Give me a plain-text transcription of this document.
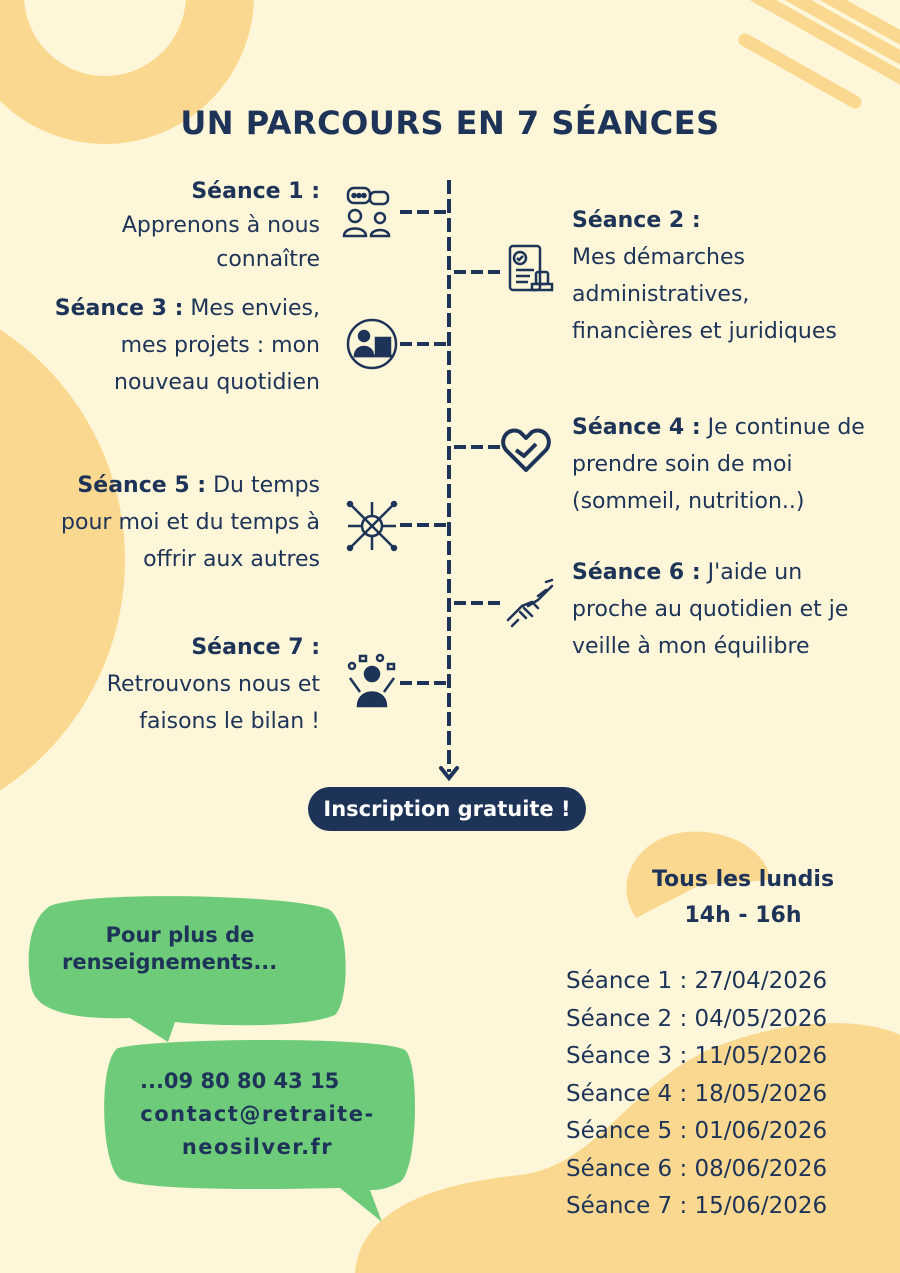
UN PARCOURS EN 7 SÉANCES
Séance 1 :
Apprenons à nous connaître
Séance 2 :
Mes démarches administratives, financières et juridiques
Séance 3 : Mes envies, mes projets : mon nouveau quotidien
Séance 4 : Je continue de prendre soin de moi (sommeil, nutrition..)
Séance 5 : Du temps pour moi et du temps à offrir aux autres
Séance 6 : J'aide un proche au quotidien et je veille à mon équilibre
Séance 7 :
Retrouvons nous et faisons le bilan !
Inscription gratuite !
Tous les lundis
14h - 16h
Séance 1 : 27/04/2026
Séance 2 : 04/05/2026
Séance 3 : 11/05/2026
Séance 4 : 18/05/2026
Séance 5 : 01/06/2026
Séance 6 : 08/06/2026
Séance 7 : 15/06/2026
Pour plus de
renseignements...
...09 80 80 43 15
contact@retraite-
neosilver.fr
